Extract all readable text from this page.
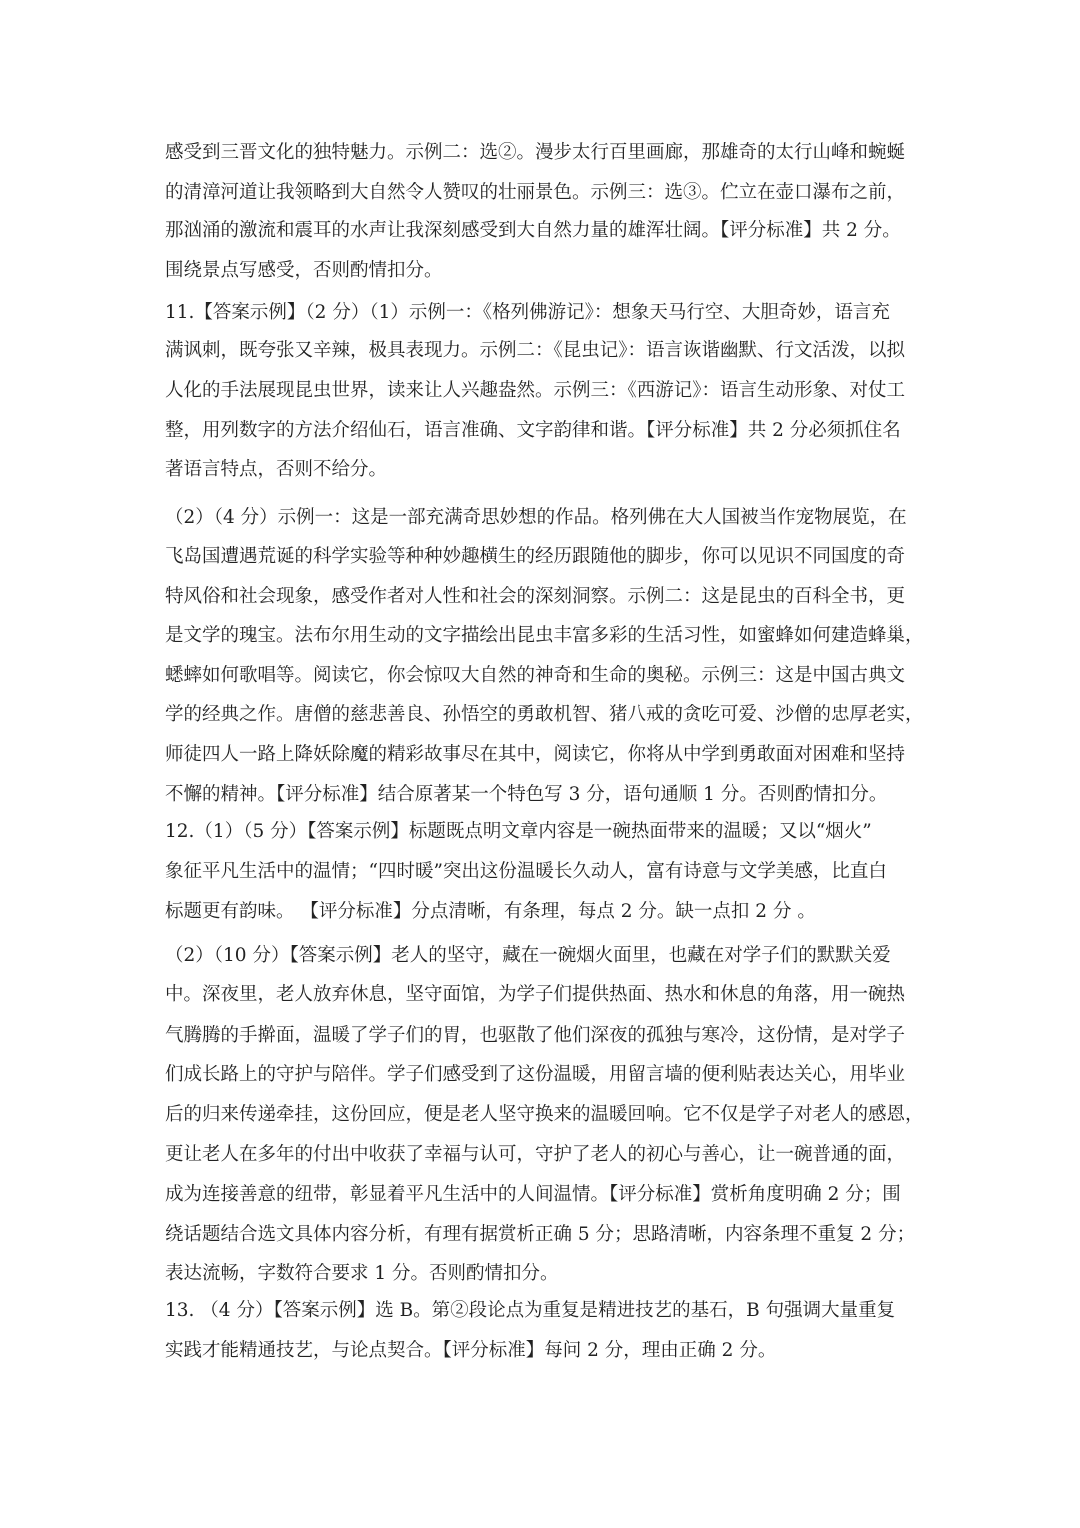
感受到三晋文化的独特魅力。示例二：选②。漫步太行百里画廊，那雄奇的太行山峰和蜿蜒
的清漳河道让我领略到大自然令人赞叹的壮丽景色。示例三：选③。伫立在壶口瀑布之前，
那汹涌的激流和震耳的水声让我深刻感受到大自然力量的雄浑壮阔。【评分标准】共 2 分。
围绕景点写感受，否则酌情扣分。
11.【答案示例】（2 分）（1）示例一：《格列佛游记》：想象天马行空、大胆奇妙，语言充
满讽刺，既夸张又辛辣，极具表现力。示例二：《昆虫记》：语言诙谐幽默、行文活泼，以拟
人化的手法展现昆虫世界，读来让人兴趣盎然。示例三：《西游记》：语言生动形象、对仗工
整，用列数字的方法介绍仙石，语言准确、文字韵律和谐。【评分标准】共 2 分必须抓住名
著语言特点，否则不给分。
（2）（4 分）示例一：这是一部充满奇思妙想的作品。格列佛在大人国被当作宠物展览，在
飞岛国遭遇荒诞的科学实验等种种妙趣横生的经历跟随他的脚步，你可以见识不同国度的奇
特风俗和社会现象，感受作者对人性和社会的深刻洞察。示例二：这是昆虫的百科全书，更
是文学的瑰宝。法布尔用生动的文字描绘出昆虫丰富多彩的生活习性，如蜜蜂如何建造蜂巢，
蟋蟀如何歌唱等。阅读它，你会惊叹大自然的神奇和生命的奥秘。示例三：这是中国古典文
学的经典之作。唐僧的慈悲善良、孙悟空的勇敢机智、猪八戒的贪吃可爱、沙僧的忠厚老实，
师徒四人一路上降妖除魔的精彩故事尽在其中，阅读它，你将从中学到勇敢面对困难和坚持
不懈的精神。【评分标准】结合原著某一个特色写 3 分，语句通顺 1 分。否则酌情扣分。
12.（1）（5 分）【答案示例】标题既点明文章内容是一碗热面带来的温暖；又以“烟火”
象征平凡生活中的温情；“四时暖”突出这份温暖长久动人，富有诗意与文学美感，比直白
标题更有韵味。 【评分标准】分点清晰，有条理，每点 2 分。缺一点扣 2 分 。
（2）（10 分）【答案示例】老人的坚守，藏在一碗烟火面里，也藏在对学子们的默默关爱
中。深夜里，老人放弃休息，坚守面馆，为学子们提供热面、热水和休息的角落，用一碗热
气腾腾的手擀面，温暖了学子们的胃，也驱散了他们深夜的孤独与寒冷，这份情，是对学子
们成长路上的守护与陪伴。学子们感受到了这份温暖，用留言墙的便利贴表达关心，用毕业
后的归来传递牵挂，这份回应，便是老人坚守换来的温暖回响。它不仅是学子对老人的感恩，
更让老人在多年的付出中收获了幸福与认可，守护了老人的初心与善心，让一碗普通的面，
成为连接善意的纽带，彰显着平凡生活中的人间温情。【评分标准】赏析角度明确 2 分；围
绕话题结合选文具体内容分析，有理有据赏析正确 5 分；思路清晰，内容条理不重复 2 分；
表达流畅，字数符合要求 1 分。否则酌情扣分。
13. （4 分）【答案示例】选 B。第②段论点为重复是精进技艺的基石，B 句强调大量重复
实践才能精通技艺，与论点契合。【评分标准】每问 2 分，理由正确 2 分。
